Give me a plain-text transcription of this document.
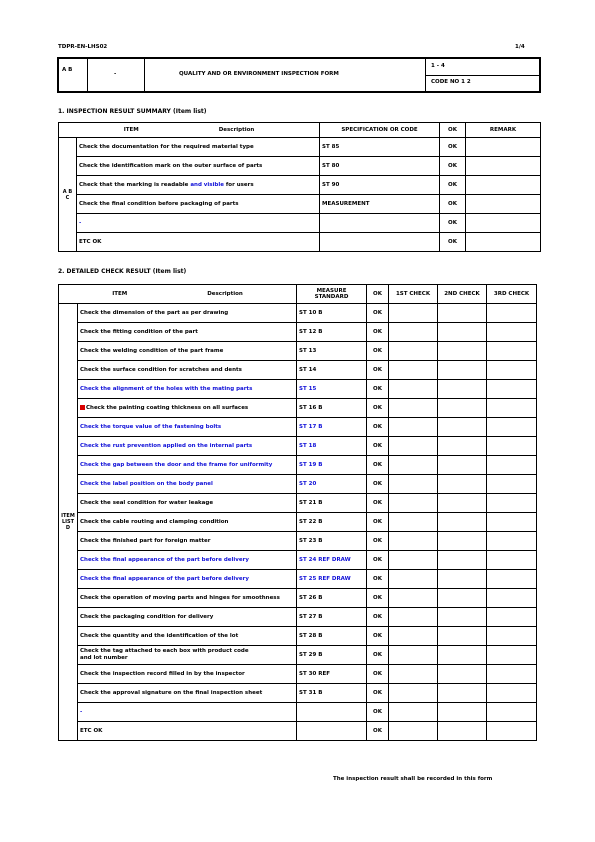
TDPR-EN-LHS02	1/4
A B
-	QUALITY AND OR ENVIRONMENT INSPECTION FORM
1 - 4
CODE NO 1 2
1. INSPECTION RESULT SUMMARY (Item list)
ITEM Description		SPECIFICATION OR CODE	OK	REMARK
A B C	Check the documentation for the required material type	ST 85	OK	
	Check the identification mark on the outer surface of parts	ST 80	OK	
	Check that the marking is readable and visible for users	ST 90	OK	
	Check the final condition before packaging of parts	MEASUREMENT	OK	
	-		OK	
	ETC OK		OK	
2. DETAILED CHECK RESULT (Item list)
ITEM Description		MEASURE STANDARD	OK	1ST CHECK	2ND CHECK	3RD CHECK
ITEM LIST D	Check the dimension of the part as per drawing	ST 10 B	OK			
	Check the fitting condition of the part	ST 12 B	OK			
	Check the welding condition of the part frame	ST 13	OK			
	Check the surface condition for scratches and dents	ST 14	OK			
	Check the alignment of the holes with the mating parts	ST 15	OK			
	Check the painting coating thickness on all surfaces	ST 16 B	OK			
	Check the torque value of the fastening bolts	ST 17 B	OK			
	Check the rust prevention applied on the internal parts	ST 18	OK			
	Check the gap between the door and the frame for uniformity	ST 19 B	OK			
	Check the label position on the body panel	ST 20	OK			
	Check the seal condition for water leakage	ST 21 B	OK			
	Check the cable routing and clamping condition	ST 22 B	OK			
	Check the finished part for foreign matter	ST 23 B	OK			
	Check the final appearance of the part before delivery	ST 24 REF DRAW	OK			
	Check the final appearance of the part before delivery	ST 25 REF DRAW	OK			
	Check the operation of moving parts and hinges for smoothness	ST 26 B	OK			
	Check the packaging condition for delivery	ST 27 B	OK			
	Check the quantity and the identification of the lot	ST 28 B	OK			
	Check the tag attached to each box with product code
and lot number	ST 29 B	OK			
	Check the inspection record filled in by the inspector	ST 30 REF	OK			
	Check the approval signature on the final inspection sheet	ST 31 B	OK			
	-		OK			
	ETC OK		OK			
The inspection result shall be recorded in this form
